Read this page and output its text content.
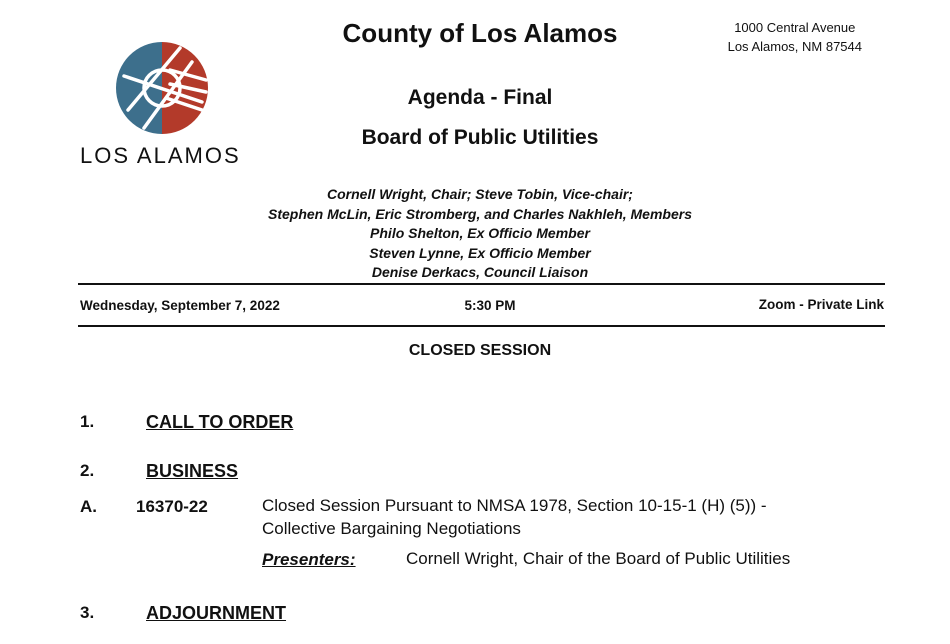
LOS ALAMOS
County of Los Alamos	1000 Central Avenue
Los Alamos, NM 87544
Agenda - Final
Board of Public Utilities
Cornell Wright, Chair; Steve Tobin, Vice-chair;
Stephen McLin, Eric Stromberg, and Charles Nakhleh, Members
Philo Shelton, Ex Officio Member
Steven Lynne, Ex Officio Member
Denise Derkacs, Council Liaison
Wednesday, September 7, 2022	5:30 PM	Zoom - Private Link
CLOSED SESSION
1.	CALL TO ORDER
2.	BUSINESS
A. 16370-22	Closed Session Pursuant to NMSA 1978, Section 10-15-1 (H) (5)) -
Collective Bargaining Negotiations
Presenters:	Cornell Wright, Chair of the Board of Public Utilities
3.	ADJOURNMENT
